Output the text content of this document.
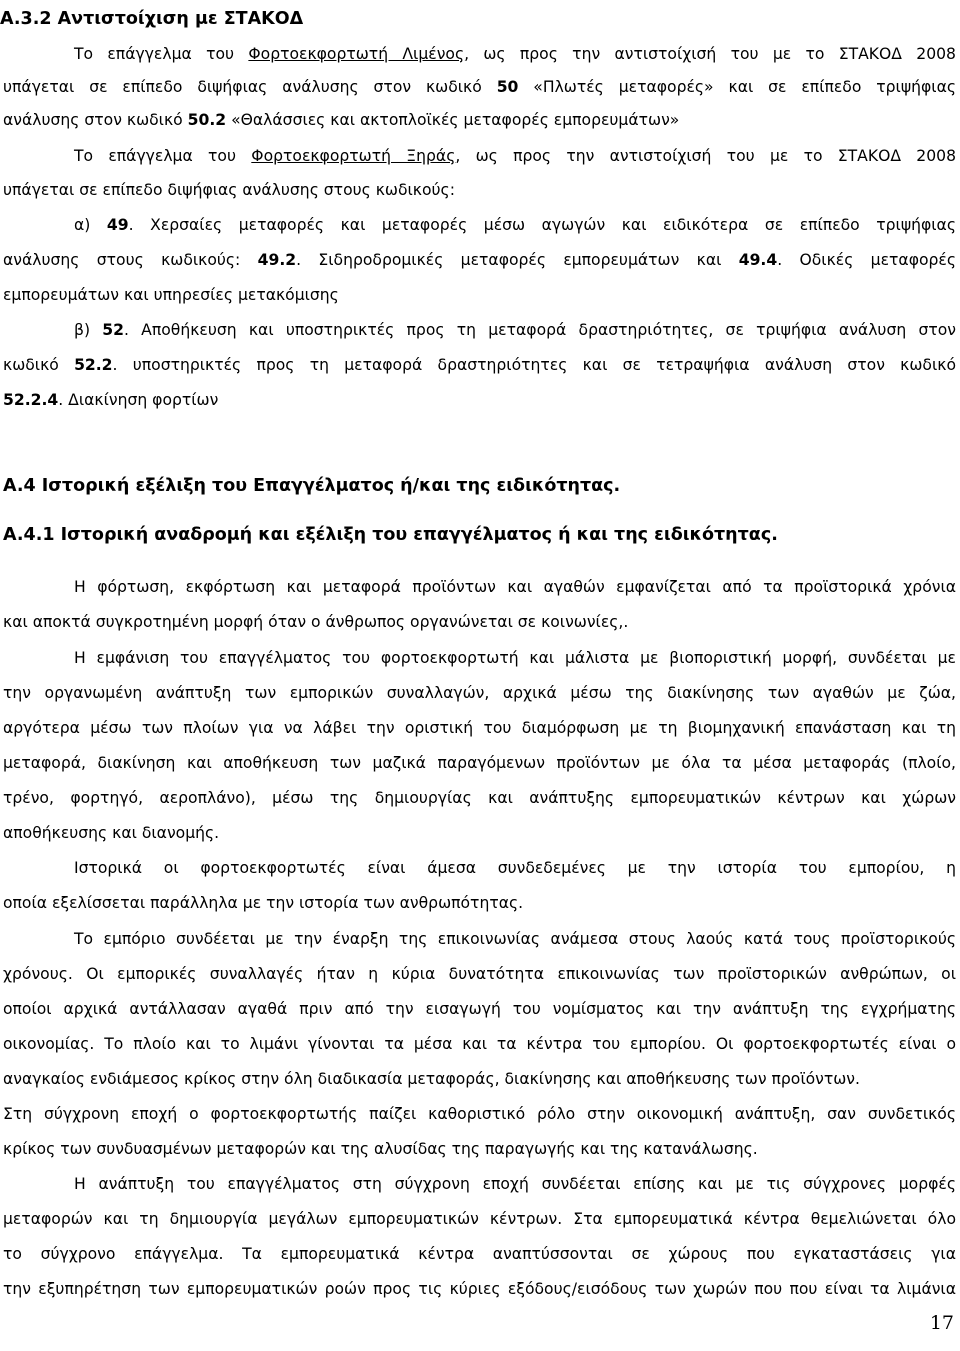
A.3.2 Αντιστοίχιση με ΣΤΑΚΟΔ
Το επάγγελμα του Φορτοεκφορτωτή Λιμένος, ως προς την αντιστοίχισή του με το ΣΤΑΚΟΔ 2008
υπάγεται σε επίπεδο διψήφιας ανάλυσης στον κωδικό 50 «Πλωτές μεταφορές» και σε επίπεδο τριψήφιας
ανάλυσης στον κωδικό 50.2 «Θαλάσσιες και ακτοπλοϊκές μεταφορές εμπορευμάτων»
Το επάγγελμα του Φορτοεκφορτωτή Ξηράς, ως προς την αντιστοίχισή του με το ΣΤΑΚΟΔ 2008
υπάγεται σε επίπεδο διψήφιας ανάλυσης στους κωδικούς:
α) 49. Χερσαίες μεταφορές και μεταφορές μέσω αγωγών και ειδικότερα σε επίπεδο τριψήφιας
ανάλυσης στους κωδικούς: 49.2. Σιδηροδρομικές μεταφορές εμπορευμάτων και 49.4. Οδικές μεταφορές
εμπορευμάτων και υπηρεσίες μετακόμισης
β) 52. Αποθήκευση και υποστηρικτές προς τη μεταφορά δραστηριότητες, σε τριψήφια ανάλυση στον
κωδικό 52.2. υποστηρικτές προς τη μεταφορά δραστηριότητες και σε τετραψήφια ανάλυση στον κωδικό
52.2.4. Διακίνηση φορτίων
A.4 Ιστορική εξέλιξη του Επαγγέλματος ή/και της ειδικότητας.
A.4.1 Ιστορική αναδρομή και εξέλιξη του επαγγέλματος ή και της ειδικότητας.
Η φόρτωση, εκφόρτωση και μεταφορά προϊόντων και αγαθών εμφανίζεται από τα προϊστορικά χρόνια
και αποκτά συγκροτημένη μορφή όταν ο άνθρωπος οργανώνεται σε κοινωνίες,.
Η εμφάνιση του επαγγέλματος του φορτοεκφορτωτή και μάλιστα με βιοποριστική μορφή, συνδέεται με
την οργανωμένη ανάπτυξη των εμπορικών συναλλαγών, αρχικά μέσω της διακίνησης των αγαθών με ζώα,
αργότερα μέσω των πλοίων για να λάβει την οριστική του διαμόρφωση με τη βιομηχανική επανάσταση και τη
μεταφορά, διακίνηση και αποθήκευση των μαζικά παραγόμενων προϊόντων με όλα τα μέσα μεταφοράς (πλοίο,
τρένο, φορτηγό, αεροπλάνο), μέσω της δημιουργίας και ανάπτυξης εμπορευματικών κέντρων και χώρων
αποθήκευσης και διανομής.
Ιστορικά οι φορτοεκφορτωτές είναι άμεσα συνδεδεμένες με την ιστορία του εμπορίου, η
οποία εξελίσσεται παράλληλα με την ιστορία των ανθρωπότητας.
Το εμπόριο συνδέεται με την έναρξη της επικοινωνίας ανάμεσα στους λαούς κατά τους προϊστορικούς
χρόνους. Οι εμπορικές συναλλαγές ήταν η κύρια δυνατότητα επικοινωνίας των προϊστορικών ανθρώπων, οι
οποίοι αρχικά αντάλλασαν αγαθά πριν από την εισαγωγή του νομίσματος και την ανάπτυξη της εγχρήματης
οικονομίας. Το πλοίο και το λιμάνι γίνονται τα μέσα και τα κέντρα του εμπορίου. Οι φορτοεκφορτωτές είναι ο
αναγκαίος ενδιάμεσος κρίκος στην όλη διαδικασία μεταφοράς, διακίνησης και αποθήκευσης των προϊόντων.
Στη σύγχρονη εποχή ο φορτοεκφορτωτής παίζει καθοριστικό ρόλο στην οικονομική ανάπτυξη, σαν συνδετικός
κρίκος των συνδυασμένων μεταφορών και της αλυσίδας της παραγωγής και της κατανάλωσης.
Η ανάπτυξη του επαγγέλματος στη σύγχρονη εποχή συνδέεται επίσης και με τις σύγχρονες μορφές
μεταφορών και τη δημιουργία μεγάλων εμπορευματικών κέντρων. Στα εμπορευματικά κέντρα θεμελιώνεται όλο
το σύγχρονο επάγγελμα. Τα εμπορευματικά κέντρα αναπτύσσονται σε χώρους που εγκαταστάσεις για
την εξυπηρέτηση των εμπορευματικών ροών προς τις κύριες εξόδους/εισόδους των χωρών που που είναι τα λιμάνια
17
